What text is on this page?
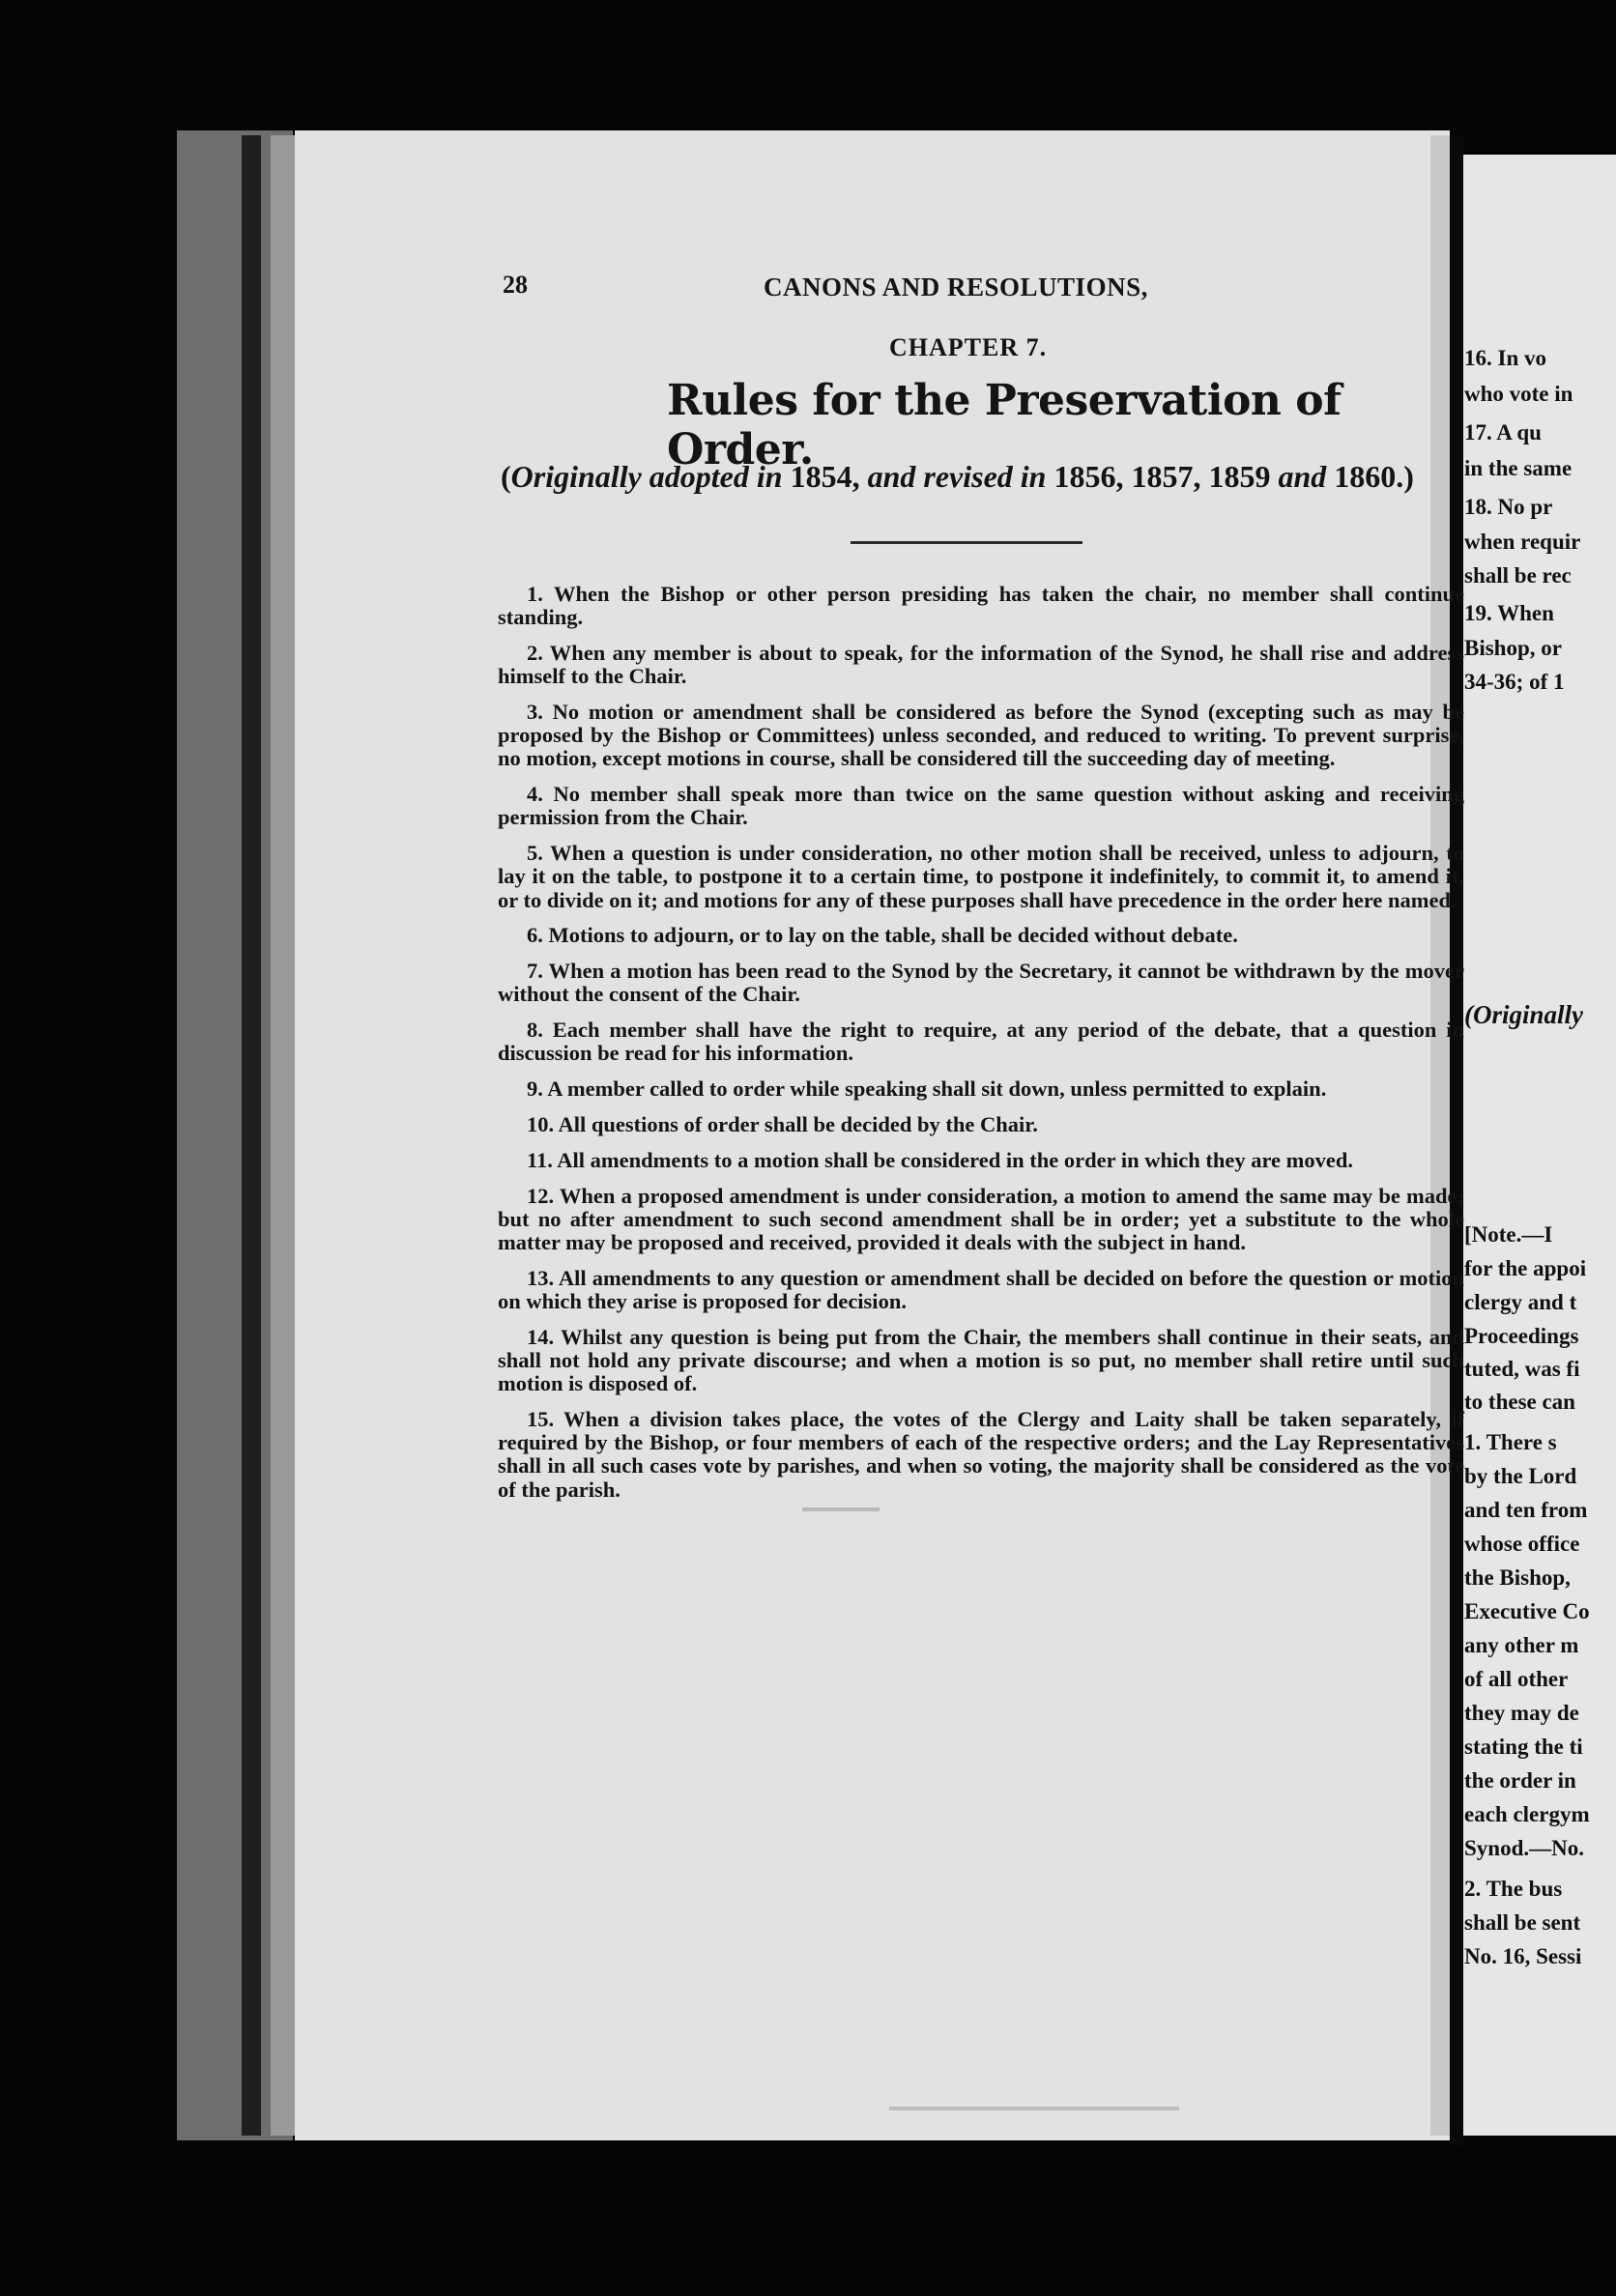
28	CANONS AND RESOLUTIONS,
CHAPTER 7.
Rules for the Preservation of Order.
(Originally adopted in 1854, and revised in 1856, 1857, 1859 and 1860.)

1. When the Bishop or other person presiding has taken the chair, no member shall continue standing.

2. When any member is about to speak, for the information of the Synod, he shall rise and address himself to the Chair.

3. No motion or amendment shall be considered as before the Synod (excepting such as may be proposed by the Bishop or Committees) unless seconded, and reduced to writing. To prevent surprise, no motion, except motions in course, shall be considered till the succeeding day of meeting.

4. No member shall speak more than twice on the same question without asking and receiving permission from the Chair.

5. When a question is under consideration, no other motion shall be received, unless to adjourn, to lay it on the table, to postpone it to a certain time, to postpone it indefinitely, to commit it, to amend it, or to divide on it; and motions for any of these purposes shall have precedence in the order here named.

6. Motions to adjourn, or to lay on the table, shall be decided without debate.

7. When a motion has been read to the Synod by the Secretary, it cannot be withdrawn by the mover without the consent of the Chair.

8. Each member shall have the right to require, at any period of the debate, that a question in discussion be read for his information.

9. A member called to order while speaking shall sit down, unless permitted to explain.

10. All questions of order shall be decided by the Chair.

11. All amendments to a motion shall be considered in the order in which they are moved.

12. When a proposed amendment is under consideration, a motion to amend the same may be made; but no after amendment to such second amendment shall be in order; yet a substitute to the whole matter may be proposed and received, provided it deals with the subject in hand.

13. All amendments to any question or amendment shall be decided on before the question or motion on which they arise is proposed for decision.

14. Whilst any question is being put from the Chair, the members shall continue in their seats, and shall not hold any private discourse; and when a motion is so put, no member shall retire until such motion is disposed of.

15. When a division takes place, the votes of the Clergy and Laity shall be taken separately, if required by the Bishop, or four members of each of the respective orders; and the Lay Representatives shall in all such cases vote by parishes, and when so voting, the majority shall be considered as the vote of the parish.

16. In vo
who vote in
17. A qu
in the same
18. No pr
when requir
shall be rec
19. When
Bishop, or
34-36; of 1
(Originally
[Note.—I
for the appoi
clergy and t
Proceedings
tuted, was fi
to these can
1. There s
by the Lord
and ten from
whose office
the Bishop,
Executive Co
any other m
of all other
they may de
stating the ti
the order in
each clergym
Synod.—No.
2. The bus
shall be sent
No. 16, Sessi
